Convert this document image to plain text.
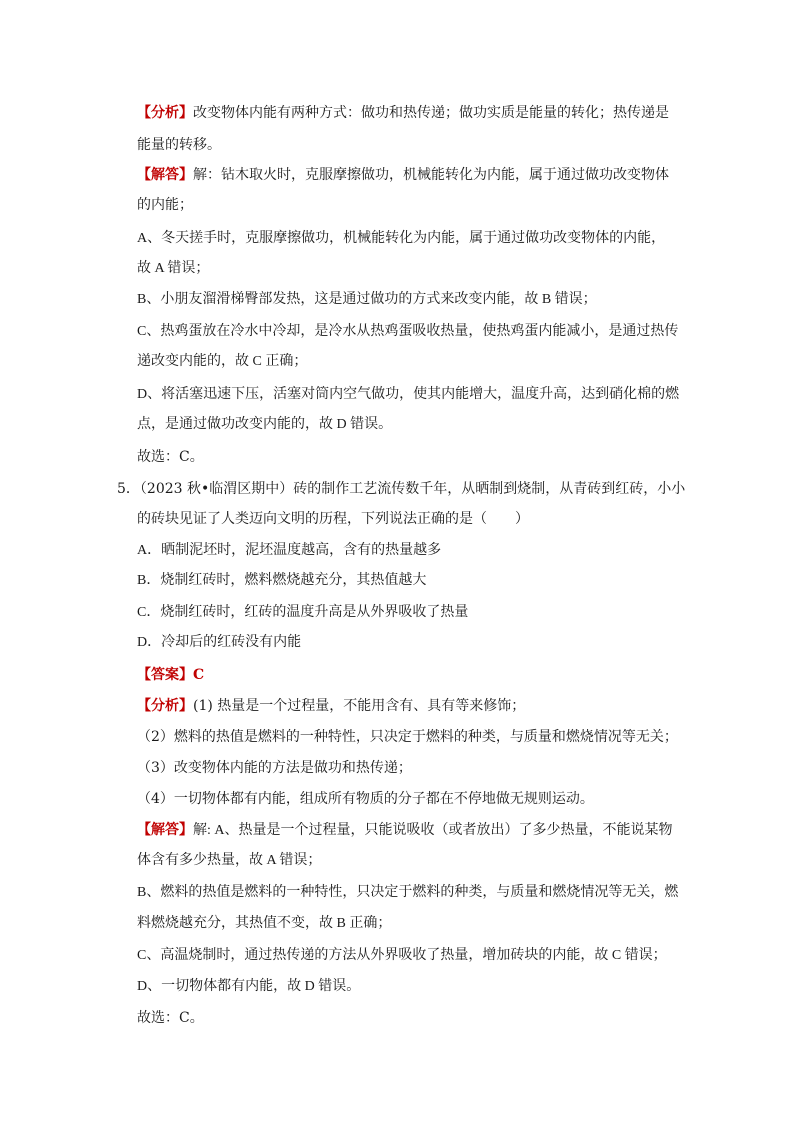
【分析】改变物体内能有两种方式：做功和热传递；做功实质是能量的转化；热传递是
能量的转移。
【解答】解：钻木取火时，克服摩擦做功，机械能转化为内能，属于通过做功改变物体
的内能；
A、冬天搓手时，克服摩擦做功，机械能转化为内能，属于通过做功改变物体的内能，
故 A 错误；
B、小朋友溜滑梯臀部发热，这是通过做功的方式来改变内能，故 B 错误；
C、热鸡蛋放在冷水中冷却，是冷水从热鸡蛋吸收热量，使热鸡蛋内能减小，是通过热传
递改变内能的，故 C 正确；
D、将活塞迅速下压，活塞对筒内空气做功，使其内能增大，温度升高，达到硝化棉的燃
点，是通过做功改变内能的，故 D 错误。
故选：C。
5．（2023 秋•临渭区期中）砖的制作工艺流传数千年，从晒制到烧制，从青砖到红砖，小小
的砖块见证了人类迈向文明的历程，下列说法正确的是（　　）
A．晒制泥坯时，泥坯温度越高，含有的热量越多
B．烧制红砖时，燃料燃烧越充分，其热值越大
C．烧制红砖时，红砖的温度升高是从外界吸收了热量
D．冷却后的红砖没有内能
【答案】C
【分析】(1) 热量是一个过程量，不能用含有、具有等来修饰；
（2）燃料的热值是燃料的一种特性，只决定于燃料的种类，与质量和燃烧情况等无关；
（3）改变物体内能的方法是做功和热传递；
（4）一切物体都有内能，组成所有物质的分子都在不停地做无规则运动。
【解答】解: A、热量是一个过程量，只能说吸收（或者放出）了多少热量，不能说某物
体含有多少热量，故 A 错误；
B、燃料的热值是燃料的一种特性，只决定于燃料的种类，与质量和燃烧情况等无关，燃
料燃烧越充分，其热值不变，故 B 正确；
C、高温烧制时，通过热传递的方法从外界吸收了热量，增加砖块的内能，故 C 错误；
D、一切物体都有内能，故 D 错误。
故选：C。
